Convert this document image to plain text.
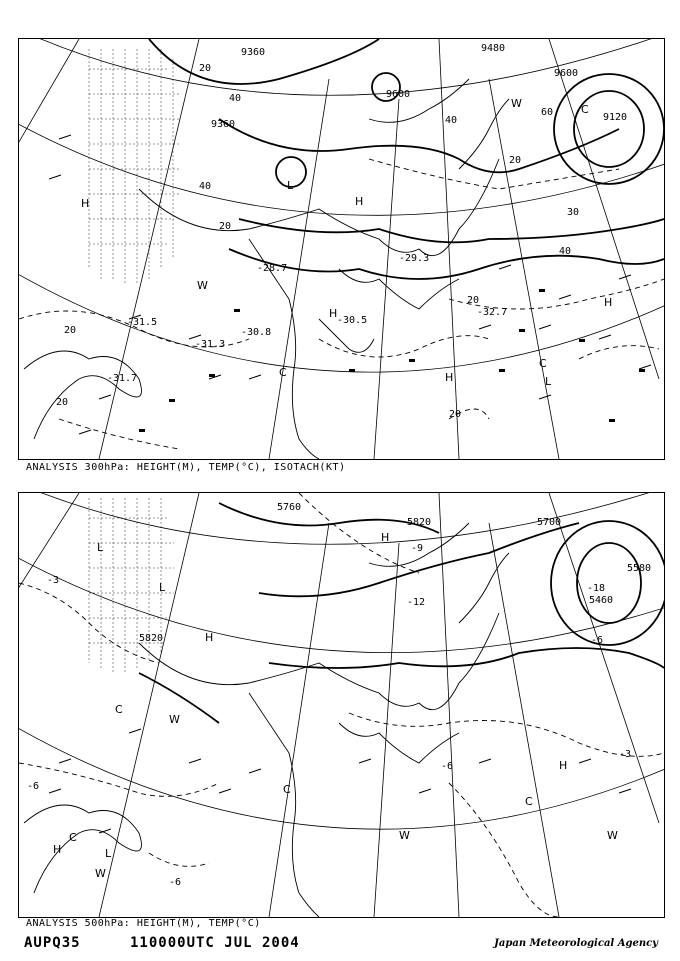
9360
9600
9480
9360
9600
9120
20
40
40
20
40
20
60
30
40
20
20
20
20
-31.5
-31.7
-30.8
-30.5
-32.7
-31.3
-28.7
-29.3
H
L
C
H
H
W
H
C
L
C
W
H
ANALYSIS 300hPa: HEIGHT(M), TEMP(°C), ISOTACH(KT)
5760
5820	5700
5820
5580
5460
-3
-9
-12
-6
-18
-6
-6
-3
-6
L
H
L
H
C
W
C
H	L
W
C
W
H
C
W
ANALYSIS 500hPa: HEIGHT(M), TEMP(°C)
AUPQ35	110000UTC JUL 2004	Japan Meteorological Agency
